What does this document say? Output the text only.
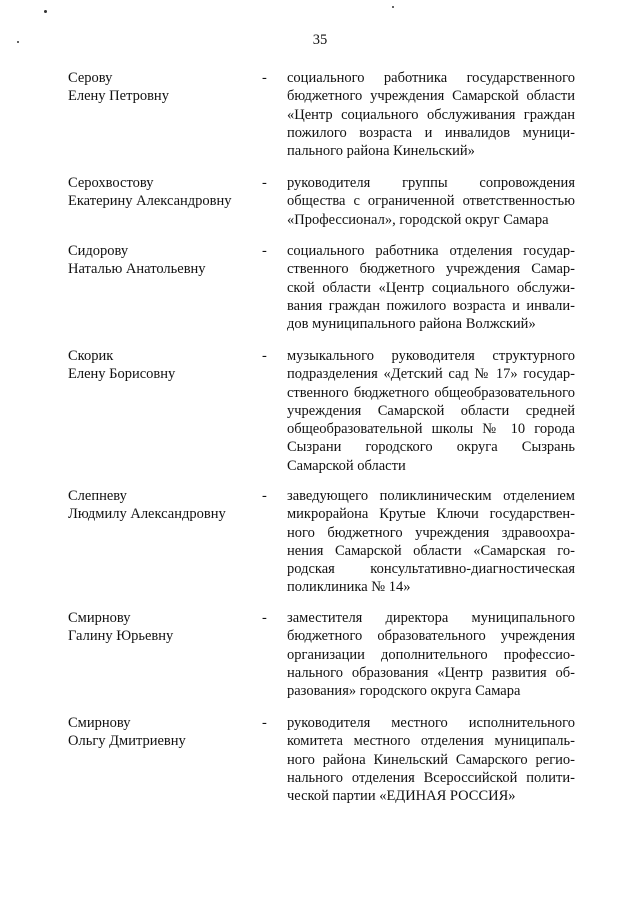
35
Серову
Елену Петровну
- социального работника государственного бюджетного учреждения Самарской области «Центр социального обслуживания граждан пожилого возраста и инвалидов муниципального района Кинельский»
Серохвостову
Екатерину Александровну
- руководителя группы сопровождения общества с ограниченной ответственностью «Профессионал», городской округ Самара
Сидорову
Наталью Анатольевну
- социального работника отделения государственного бюджетного учреждения Самарской области «Центр социального обслуживания граждан пожилого возраста и инвалидов муниципального района Волжский»
Скорик
Елену Борисовну
- музыкального руководителя структурного подразделения «Детский сад № 17» государственного бюджетного общеобразовательного учреждения Самарской области средней общеобразовательной школы № 10 города Сызрани городского округа Сызрань Самарской области
Слепневу
Людмилу Александровну
- заведующего поликлиническим отделением микрорайона Крутые Ключи государственного бюджетного учреждения здравоохранения Самарской области «Самарская городская консультативно-диагностическая поликлиника № 14»
Смирнову
Галину Юрьевну
- заместителя директора муниципального бюджетного образовательного учреждения организации дополнительного профессионального образования «Центр развития образования» городского округа Самара
Смирнову
Ольгу Дмитриевну
- руководителя местного исполнительного комитета местного отделения муниципального района Кинельский Самарского регионального отделения Всероссийской политической партии «ЕДИНАЯ РОССИЯ»
